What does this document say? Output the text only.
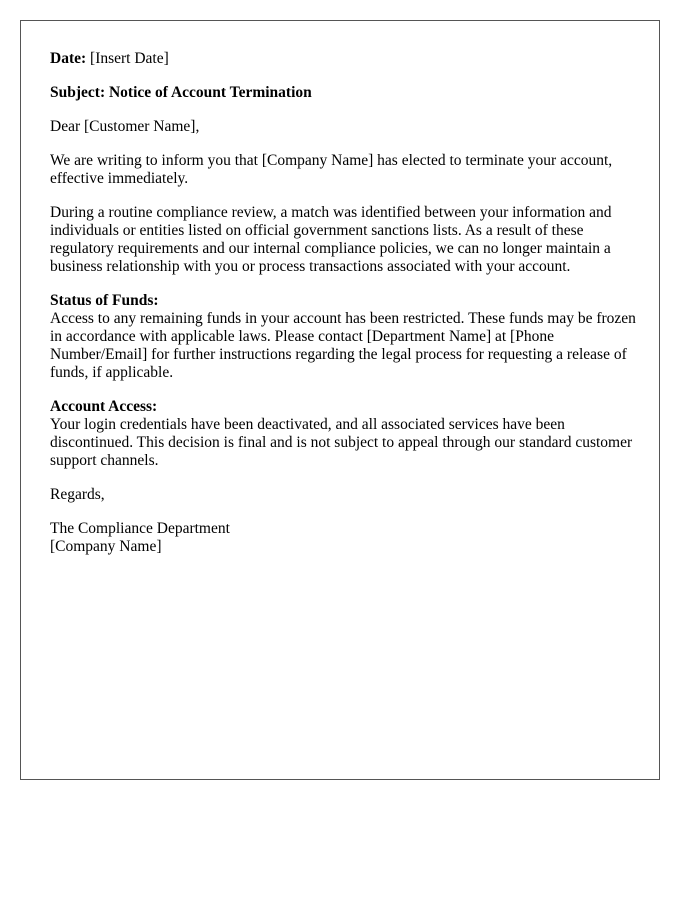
Date: [Insert Date]

Subject: Notice of Account Termination

Dear [Customer Name],

We are writing to inform you that [Company Name] has elected to terminate your account, effective immediately.

During a routine compliance review, a match was identified between your information and individuals or entities listed on official government sanctions lists. As a result of these regulatory requirements and our internal compliance policies, we can no longer maintain a business relationship with you or process transactions associated with your account.

Status of Funds:
Access to any remaining funds in your account has been restricted. These funds may be frozen in accordance with applicable laws. Please contact [Department Name] at [Phone Number/Email] for further instructions regarding the legal process for requesting a release of funds, if applicable.

Account Access:
Your login credentials have been deactivated, and all associated services have been discontinued. This decision is final and is not subject to appeal through our standard customer support channels.

Regards,

The Compliance Department
[Company Name]
